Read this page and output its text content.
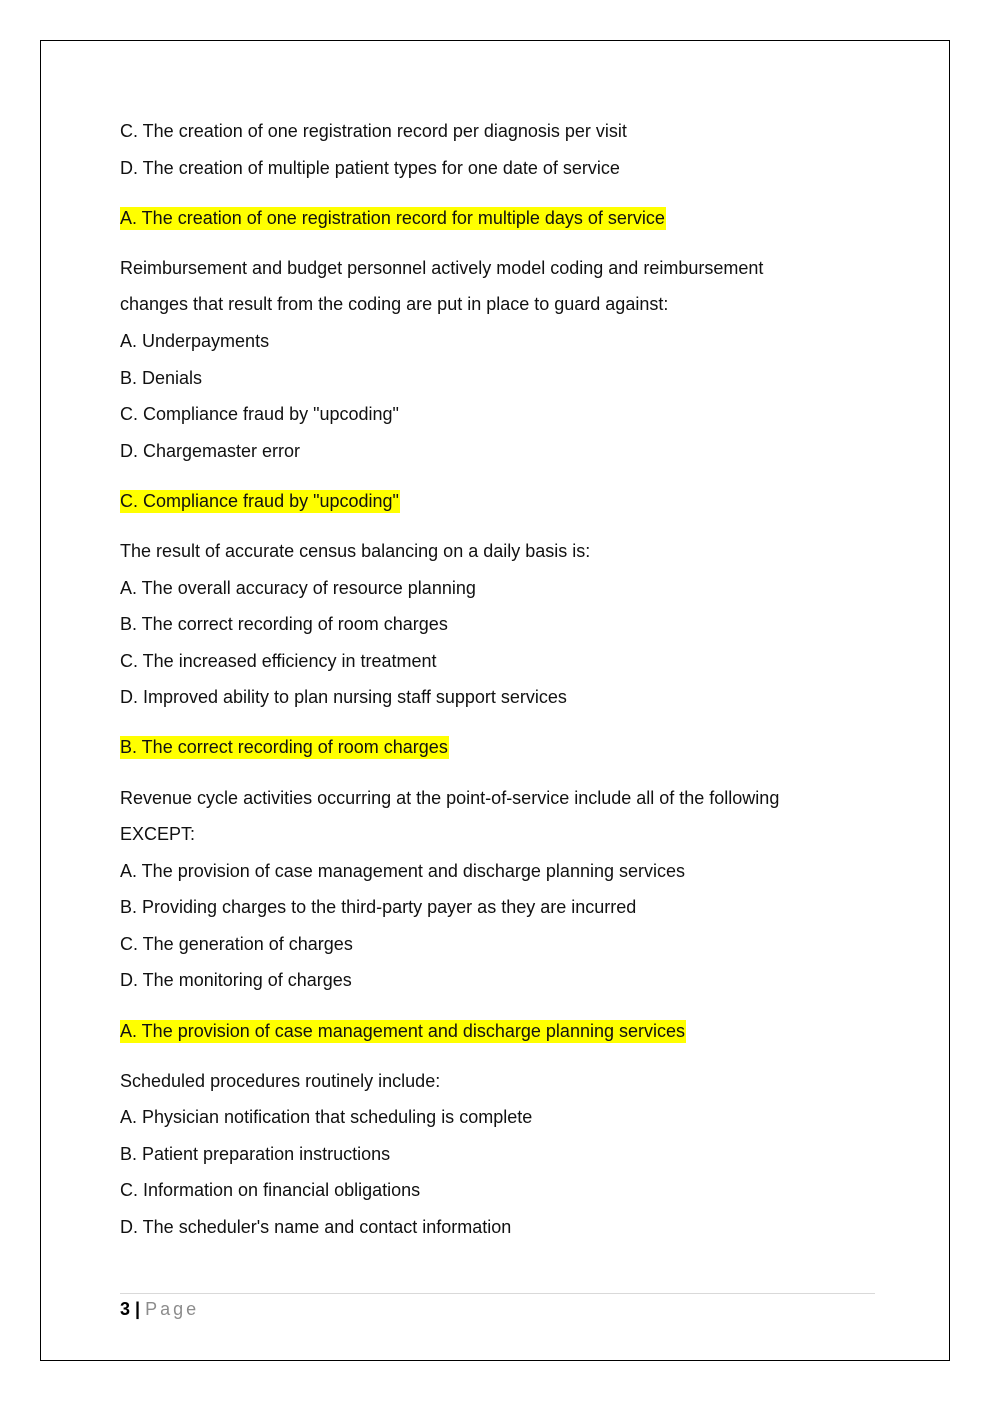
C. The creation of one registration record per diagnosis per visit
D. The creation of multiple patient types for one date of service
A. The creation of one registration record for multiple days of service
Reimbursement and budget personnel actively model coding and reimbursement
changes that result from the coding are put in place to guard against:
A. Underpayments
B. Denials
C. Compliance fraud by "upcoding"
D. Chargemaster error
C. Compliance fraud by "upcoding"
The result of accurate census balancing on a daily basis is:
A. The overall accuracy of resource planning
B. The correct recording of room charges
C. The increased efficiency in treatment
D. Improved ability to plan nursing staff support services
B. The correct recording of room charges
Revenue cycle activities occurring at the point-of-service include all of the following
EXCEPT:
A. The provision of case management and discharge planning services
B. Providing charges to the third-party payer as they are incurred
C. The generation of charges
D. The monitoring of charges
A. The provision of case management and discharge planning services
Scheduled procedures routinely include:
A. Physician notification that scheduling is complete
B. Patient preparation instructions
C. Information on financial obligations
D. The scheduler's name and contact information
3 | Page
